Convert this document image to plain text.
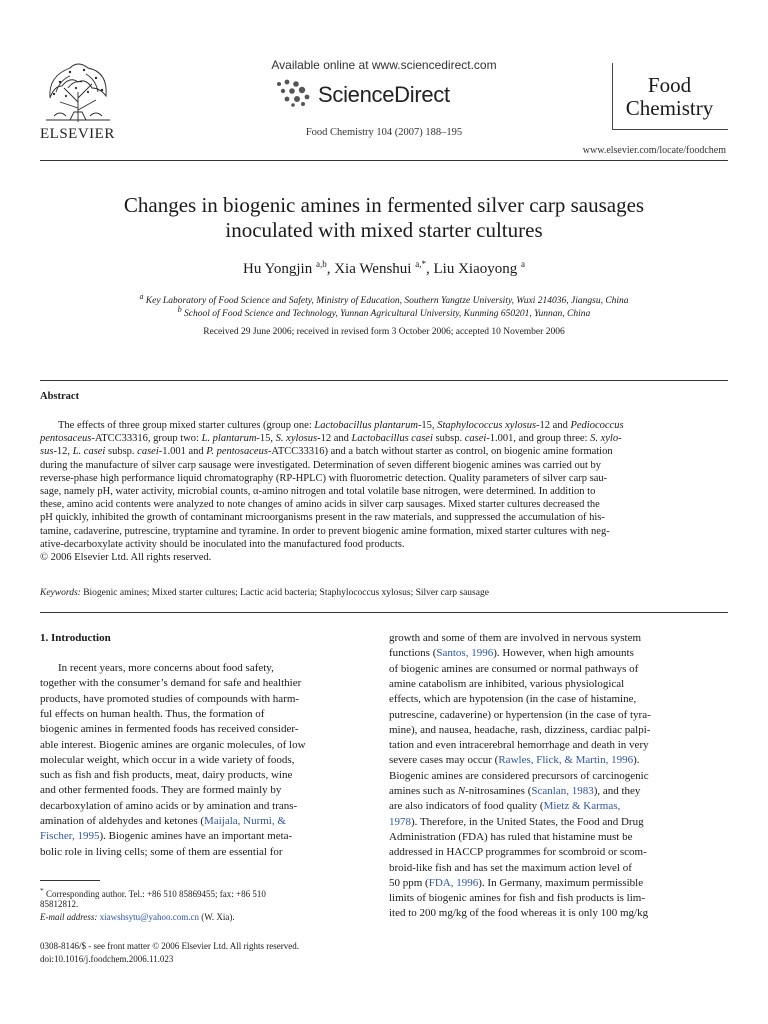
ELSEVIER
Available online at www.sciencedirect.com
ScienceDirect
Food Chemistry 104 (2007) 188–195
Food
Chemistry
www.elsevier.com/locate/foodchem
Changes in biogenic amines in fermented silver carp sausages
inoculated with mixed starter cultures
Hu Yongjin $^{a,b}$, Xia Wenshui $^{a,*}$, Liu Xiaoyong $^a$
$^a$ Key Laboratory of Food Science and Safety, Ministry of Education, Southern Yangtze University, Wuxi 214036, Jiangsu, China
$^b$ School of Food Science and Technology, Yunnan Agricultural University, Kunming 650201, Yunnan, China
Received 29 June 2006; received in revised form 3 October 2006; accepted 10 November 2006
Abstract
The effects of three group mixed starter cultures (group one: Lactobacillus plantarum-15, Staphylococcus xylosus-12 and Pediococcus
pentosaceus-ATCC33316, group two: L. plantarum-15, S. xylosus-12 and Lactobacillus casei subsp. casei-1.001, and group three: S. xylo-
sus-12, L. casei subsp. casei-1.001 and P. pentosaceus-ATCC33316) and a batch without starter as control, on biogenic amine formation
during the manufacture of silver carp sausage were investigated. Determination of seven different biogenic amines was carried out by
reverse-phase high performance liquid chromatography (RP-HPLC) with fluorometric detection. Quality parameters of silver carp sau-
sage, namely pH, water activity, microbial counts, α-amino nitrogen and total volatile base nitrogen, were determined. In addition to
these, amino acid contents were analyzed to note changes of amino acids in silver carp sausages. Mixed starter cultures decreased the
pH quickly, inhibited the growth of contaminant microorganisms present in the raw materials, and suppressed the accumulation of his-
tamine, cadaverine, putrescine, tryptamine and tyramine. In order to prevent biogenic amine formation, mixed starter cultures with neg-
ative-decarboxylate activity should be inoculated into the manufactured food products.
© 2006 Elsevier Ltd. All rights reserved.
Keywords: Biogenic amines; Mixed starter cultures; Lactic acid bacteria; Staphylococcus xylosus; Silver carp sausage
1. Introduction
In recent years, more concerns about food safety,
together with the consumer’s demand for safe and healthier
products, have promoted studies of compounds with harm-
ful effects on human health. Thus, the formation of
biogenic amines in fermented foods has received consider-
able interest. Biogenic amines are organic molecules, of low
molecular weight, which occur in a wide variety of foods,
such as fish and fish products, meat, dairy products, wine
and other fermented foods. They are formed mainly by
decarboxylation of amino acids or by amination and trans-
amination of aldehydes and ketones (Maijala, Nurmi, &
Fischer, 1995). Biogenic amines have an important meta-
bolic role in living cells; some of them are essential for
* Corresponding author. Tel.: +86 510 85869455; fax: +86 510
85812812.
E-mail address: xiawshsytu@yahoo.com.cn (W. Xia).
0308-8146/$ - see front matter © 2006 Elsevier Ltd. All rights reserved.
doi:10.1016/j.foodchem.2006.11.023
growth and some of them are involved in nervous system
functions (Santos, 1996). However, when high amounts
of biogenic amines are consumed or normal pathways of
amine catabolism are inhibited, various physiological
effects, which are hypotension (in the case of histamine,
putrescine, cadaverine) or hypertension (in the case of tyra-
mine), and nausea, headache, rash, dizziness, cardiac palpi-
tation and even intracerebral hemorrhage and death in very
severe cases may occur (Rawles, Flick, & Martin, 1996).
Biogenic amines are considered precursors of carcinogenic
amines such as N-nitrosamines (Scanlan, 1983), and they
are also indicators of food quality (Mietz & Karmas,
1978). Therefore, in the United States, the Food and Drug
Administration (FDA) has ruled that histamine must be
addressed in HACCP programmes for scombroid or scom-
broid-like fish and has set the maximum action level of
50 ppm (FDA, 1996). In Germany, maximum permissible
limits of biogenic amines for fish and fish products is lim-
ited to 200 mg/kg of the food whereas it is only 100 mg/kg
